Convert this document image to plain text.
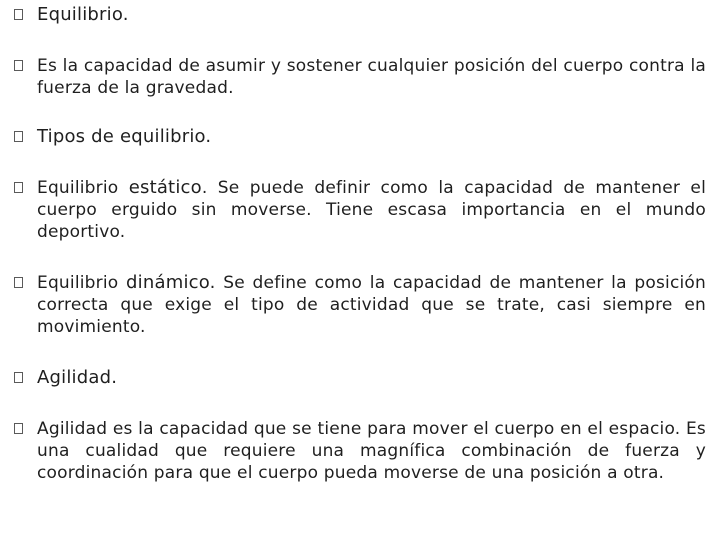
Equilibrio.
Es la capacidad de asumir y sostener cualquier posición del cuerpo contra la fuerza de la gravedad.
Tipos de equilibrio.
Equilibrio estático. Se puede definir como la capacidad de mantener el cuerpo erguido sin moverse. Tiene escasa importancia en el mundo deportivo.
Equilibrio dinámico. Se define como la capacidad de mantener la posición correcta que exige el tipo de actividad que se trate, casi siempre en movimiento.
Agilidad.
Agilidad es la capacidad que se tiene para mover el cuerpo en el espacio. Es una cualidad que requiere una magnífica combinación de fuerza y coordinación para que el cuerpo pueda moverse de una posición a otra.
